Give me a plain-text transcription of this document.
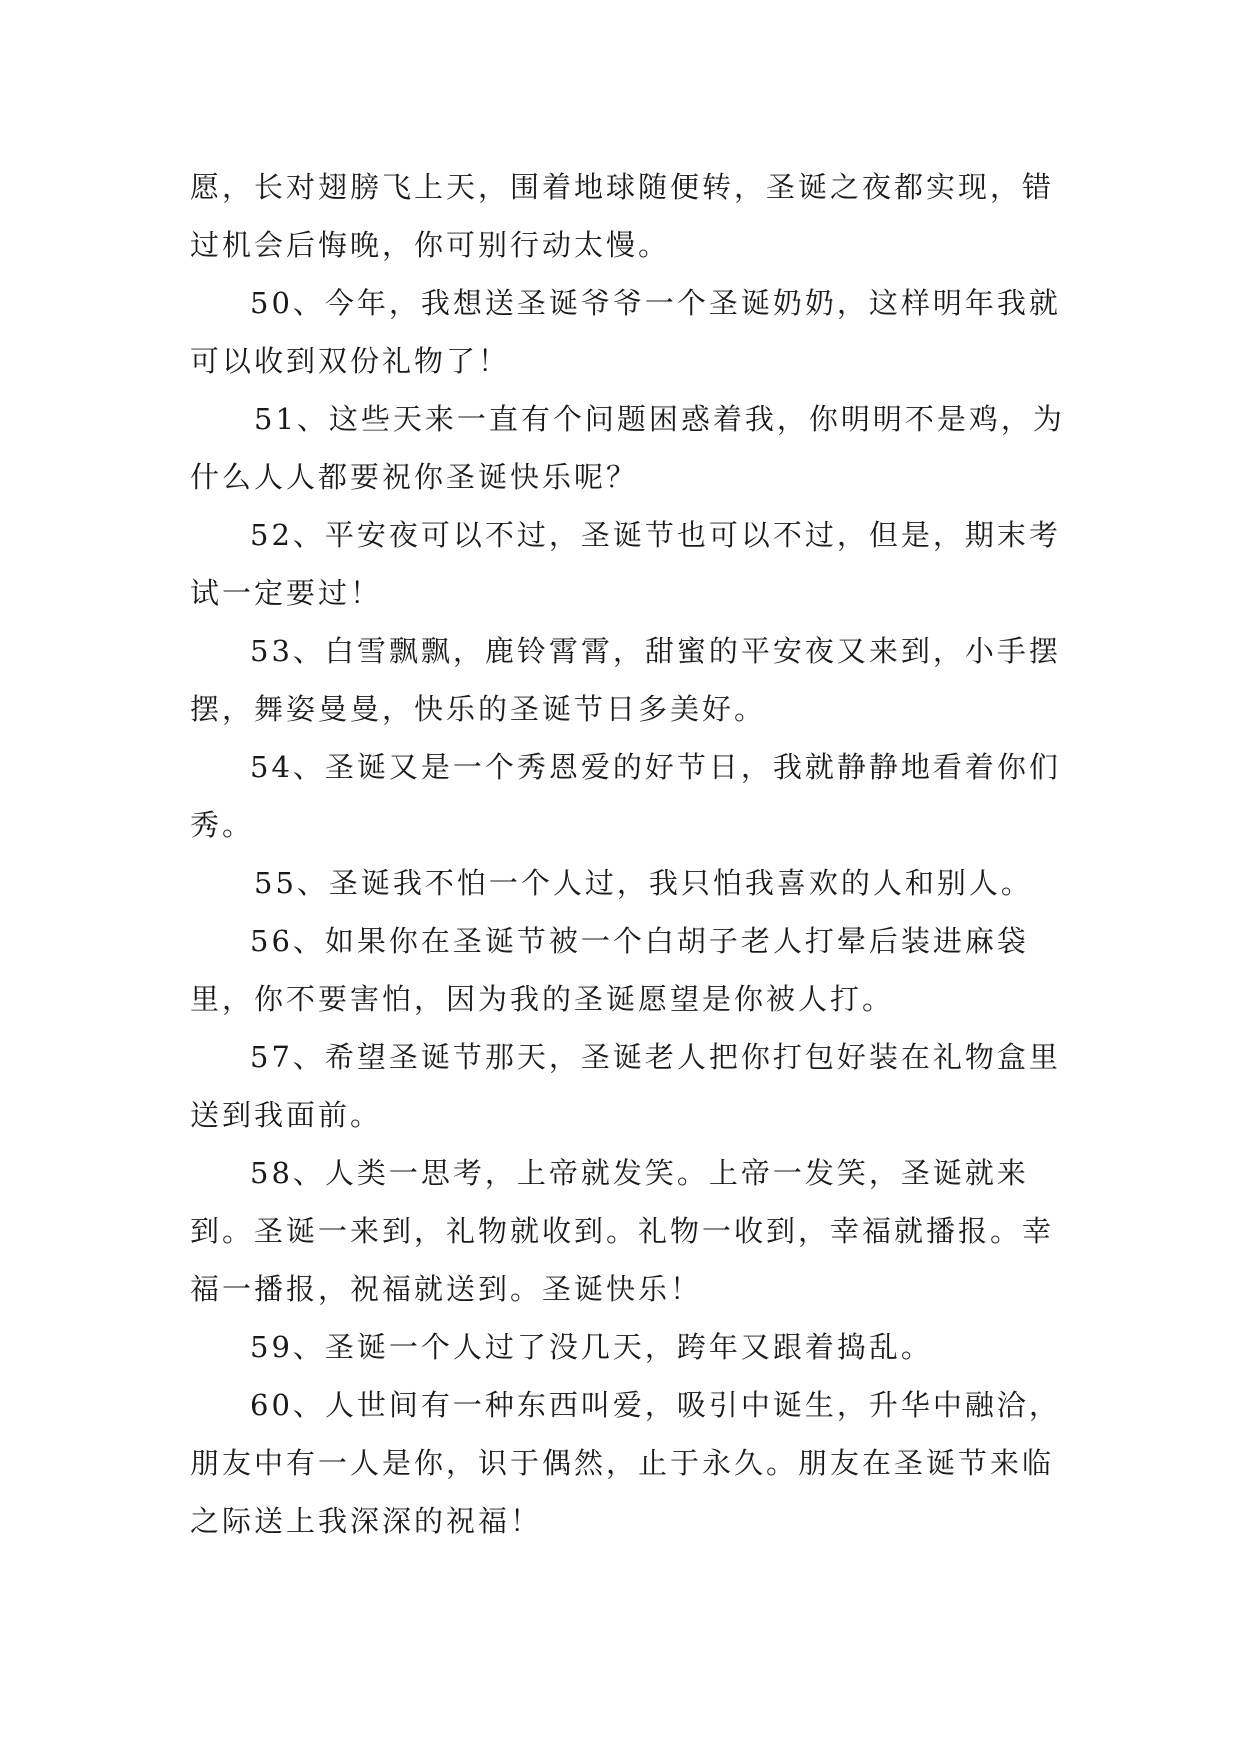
愿，长对翅膀飞上天，围着地球随便转，圣诞之夜都实现，错过机会后悔晚，你可别行动太慢。

50、今年，我想送圣诞爷爷一个圣诞奶奶，这样明年我就可以收到双份礼物了！

51、这些天来一直有个问题困惑着我，你明明不是鸡，为什么人人都要祝你圣诞快乐呢？

52、平安夜可以不过，圣诞节也可以不过，但是，期末考试一定要过！

53、白雪飘飘，鹿铃霄霄，甜蜜的平安夜又来到，小手摆摆，舞姿曼曼，快乐的圣诞节日多美好。

54、圣诞又是一个秀恩爱的好节日，我就静静地看着你们秀。

55、圣诞我不怕一个人过，我只怕我喜欢的人和别人。

56、如果你在圣诞节被一个白胡子老人打晕后装进麻袋里，你不要害怕，因为我的圣诞愿望是你被人打。

57、希望圣诞节那天，圣诞老人把你打包好装在礼物盒里送到我面前。

58、人类一思考，上帝就发笑。上帝一发笑，圣诞就来到。圣诞一来到，礼物就收到。礼物一收到，幸福就播报。幸福一播报，祝福就送到。圣诞快乐！

59、圣诞一个人过了没几天，跨年又跟着捣乱。

60、人世间有一种东西叫爱，吸引中诞生，升华中融洽，朋友中有一人是你，识于偶然，止于永久。朋友在圣诞节来临之际送上我深深的祝福！
